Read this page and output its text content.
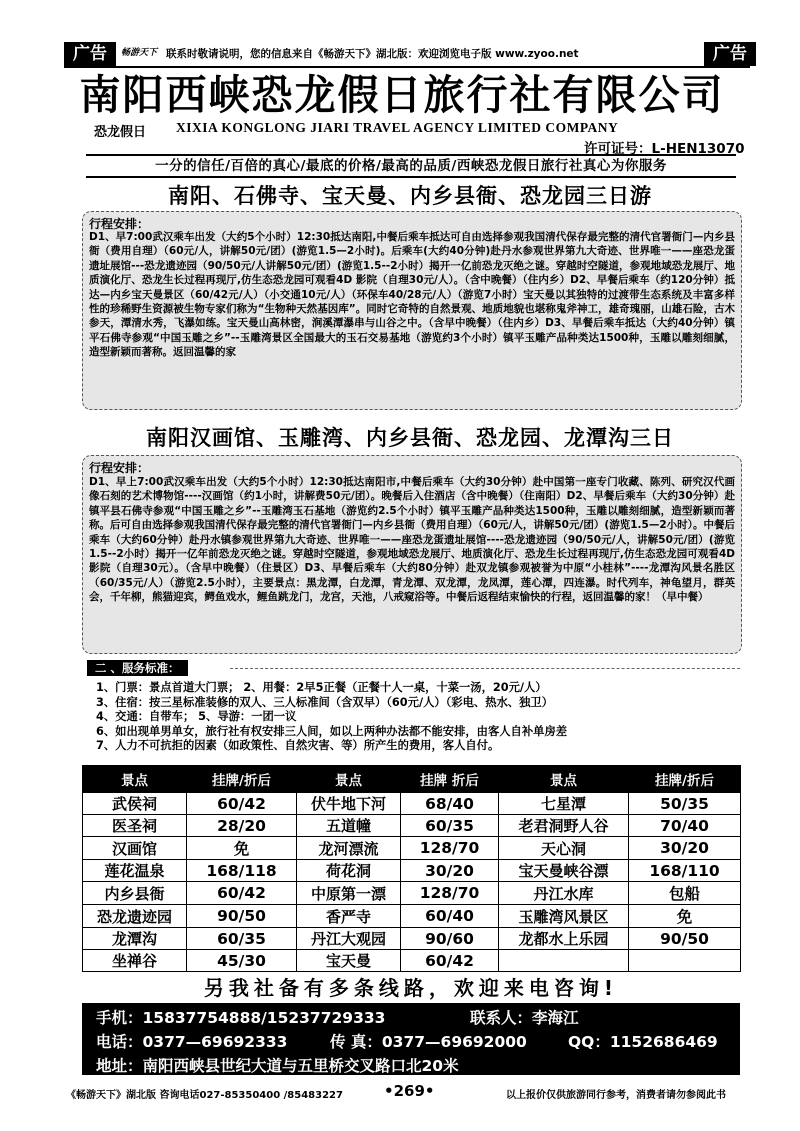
广告	广告
畅游天下 联系时敬请说明，您的信息来自《畅游天下》湖北版：欢迎浏览电子版 www.zyoo.net
南阳西峡恐龙假日旅行社有限公司
恐龙假日 XIXIA KONGLONG JIARI TRAVEL AGENCY LIMITED COMPANY
许可证号：L-HEN13070
一分的信任/百倍的真心/最底的价格/最高的品质/西峡恐龙假日旅行社真心为你服务
南阳、石佛寺、宝天曼、内乡县衙、恐龙园三日游
行程安排：
D1、早7:00武汉乘车出发（大约5个小时）12:30抵达南阳,中餐后乘车抵达可自由选择参观我国清代保存最完整的清代官署衙门—内乡县衙（费用自理）（60元/人，讲解50元/团）(游览1.5—2小时)。后乘车(大约40分钟)赴丹水参观世界第九大奇迹、世界唯一——座恐龙蛋遗址展馆---恐龙遗迹园（90/50元/人讲解50元/团）(游览1.5--2小时）揭开一亿前恐龙灭绝之谜。穿越时空隧道，参观地域恐龙展厅、地质演化厅、恐龙生长过程再现厅,仿生态恐龙园可观看4D 影院（自理30元/人）。（含中晚餐）（住内乡）D2、早餐后乘车（约120分钟）抵达—内乡宝天曼景区（60/42元/人）（小交通10元/人）（环保车40/28元/人）（游览7小时）宝天曼以其独特的过渡带生态系统及丰富多样性的珍稀野生资源被生物专家们称为“生物种天然基因库”。同时它奇特的自然景观、地质地貌也堪称鬼斧神工，雄奇瑰丽，山雄石险，古木参天，潭清水秀，飞瀑如练。宝天曼山高林密，涧溪潭瀑串与山谷之中。（含早中晚餐）（住内乡）D3、早餐后乘车抵达（大约40分钟）镇平石佛寺参观“中国玉雕之乡”--玉雕湾景区全国最大的玉石交易基地（游览约3个小时）镇平玉雕产品种类达1500种，玉雕以雕刻细腻，造型新颖而著称。返回温馨的家
南阳汉画馆、玉雕湾、内乡县衙、恐龙园、龙潭沟三日
行程安排：
D1、早上7:00武汉乘车出发（大约5个小时）12:30抵达南阳市,中餐后乘车（大约30分钟）赴中国第一座专门收藏、陈列、研究汉代画像石刻的艺术博物馆----汉画馆（约1小时，讲解费50元/团）。晚餐后入住酒店（含中晚餐）（住南阳）D2、早餐后乘车（大约30分钟）赴镇平县石佛寺参观“中国玉雕之乡”--玉雕湾玉石基地（游览约2.5个小时）镇平玉雕产品种类达1500种，玉雕以雕刻细腻，造型新颖而著称。后可自由选择参观我国清代保存最完整的清代官署衙门—内乡县衙（费用自理）（60元/人，讲解50元/团）(游览1.5—2小时）。中餐后乘车（大约60分钟）赴丹水镇参观世界第九大奇迹、世界唯一——座恐龙蛋遗址展馆----恐龙遗迹园（90/50元/人，讲解50元/团）(游览1.5--2小时）揭开一亿年前恐龙灭绝之谜。穿越时空隧道，参观地域恐龙展厅、地质演化厅、恐龙生长过程再现厅,仿生态恐龙园可观看4D 影院（自理30元）。（含早中晚餐）（住景区）D3、早餐后乘车（大约80分钟）赴双龙镇参观被誉为中原“小桂林”----龙潭沟风景名胜区（60/35元/人）（游览2.5小时），主要景点：黑龙潭，白龙潭，青龙潭、双龙潭，龙凤潭，莲心潭，四连瀑。时代列车，神龟望月，群英会，千年柳，熊猫迎宾，鳄鱼戏水，鲤鱼跳龙门，龙宫，天池，八戒窥浴等。中餐后返程结束愉快的行程，返回温馨的家！（早中餐）
二 、服务标准：
1、门票：景点首道大门票； 2、用餐：2早5正餐（正餐十人一桌，十菜一汤，20元/人）
3、住宿：按三星标准装修的双人、三人标准间（含双早）（60元/人）（彩电、热水、独卫）
4、交通：自带车； 5、导游：一团一议
6、如出现单男单女，旅行社有权安排三人间，如以上两种办法都不能安排，由客人自补单房差
7、人力不可抗拒的因素（如政策性、自然灾害、等）所产生的费用，客人自付。
景点	挂牌/折后	景点	挂牌 折后	景点	挂牌/折后
武侯祠	60/42	伏牛地下河	68/40	七星潭	50/35
医圣祠	28/20	五道幢	60/35	老君洞野人谷	70/40
汉画馆	免	龙河漂流	128/70	天心洞	30/20
莲花温泉	168/118	荷花洞	30/20	宝天曼峡谷漂	168/110
内乡县衙	60/42	中原第一漂	128/70	丹江水库	包船
恐龙遗迹园	90/50	香严寺	60/40	玉雕湾风景区	免
龙潭沟	60/35	丹江大观园	90/60	龙都水上乐园	90/50
坐禅谷	45/30	宝天曼	60/42		
另我社备有多条线路，欢迎来电咨询!
手机：15837754888/15237729333	联系人：李海江
电话：0377—69692333	传 真：0377—69692000	QQ：1152686469
地址：南阳西峡县世纪大道与五里桥交叉路口北20米
《畅游天下》湖北版 咨询电话027-85350400 /85483227	•269•	以上报价仅供旅游同行参考，消费者请勿参阅此书
